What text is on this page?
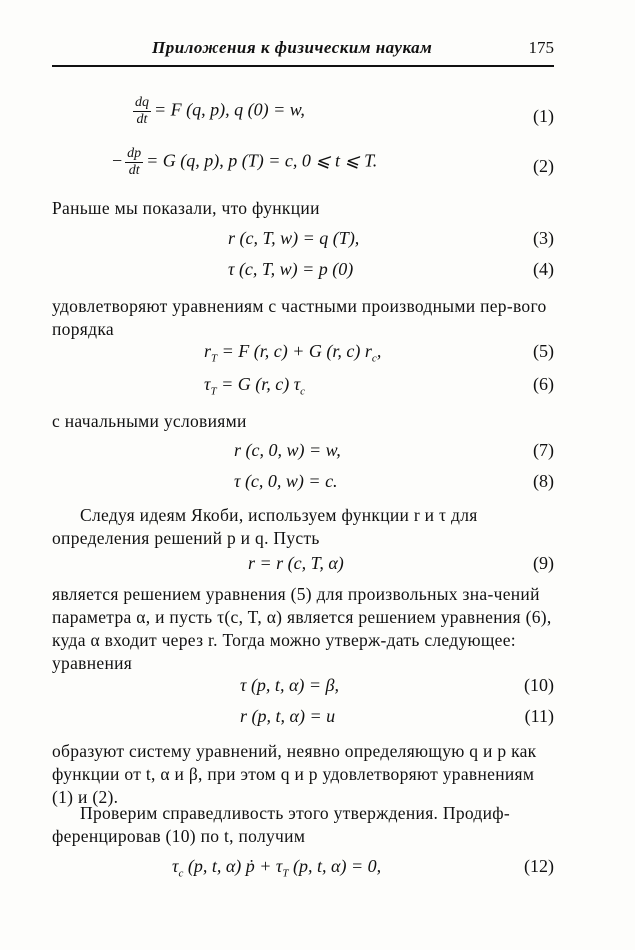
Приложения к физическим наукам	175
$\frac{dq}{dt} = F$ (q, p), q (0) = w,	(1)
− $\frac{dp}{dt} = G$ (q, p), p (T) = c, 0 ⩽ t ⩽ T.	(2)
Раньше мы показали, что функции
r (c, T, w) = q (T),	(3)
τ (c, T, w) = p (0)	(4)
удовлетворяют уравнениям с частными производными пер-вого порядка
$r_T = F$ (r, c) + G (r, c) $r_c$,	(5)
$\tau_T = G$ (r, c) $\tau_c$	(6)
с начальными условиями
r (c, 0, w) = w,	(7)
τ (c, 0, w) = c.	(8)
Следуя идеям Якоби, используем функции r и τ для определения решений p и q. Пусть
r = r (c, T, α)	(9)
является решением уравнения (5) для произвольных зна-чений параметра α, и пусть τ(c, T, α) является решением уравнения (6), куда α входит через r. Тогда можно утверж-дать следующее: уравнения
τ (p, t, α) = β,	(10)
r (p, t, α) = u	(11)
образуют систему уравнений, неявно определяющую q и p как функции от t, α и β, при этом q и p удовлетворяют уравнениям (1) и (2).
Проверим справедливость этого утверждения. Продиф-ференцировав (10) по t, получим
$\tau_c$ (p, t, α) ṗ + $\tau_T$ (p, t, α) = 0,	(12)
